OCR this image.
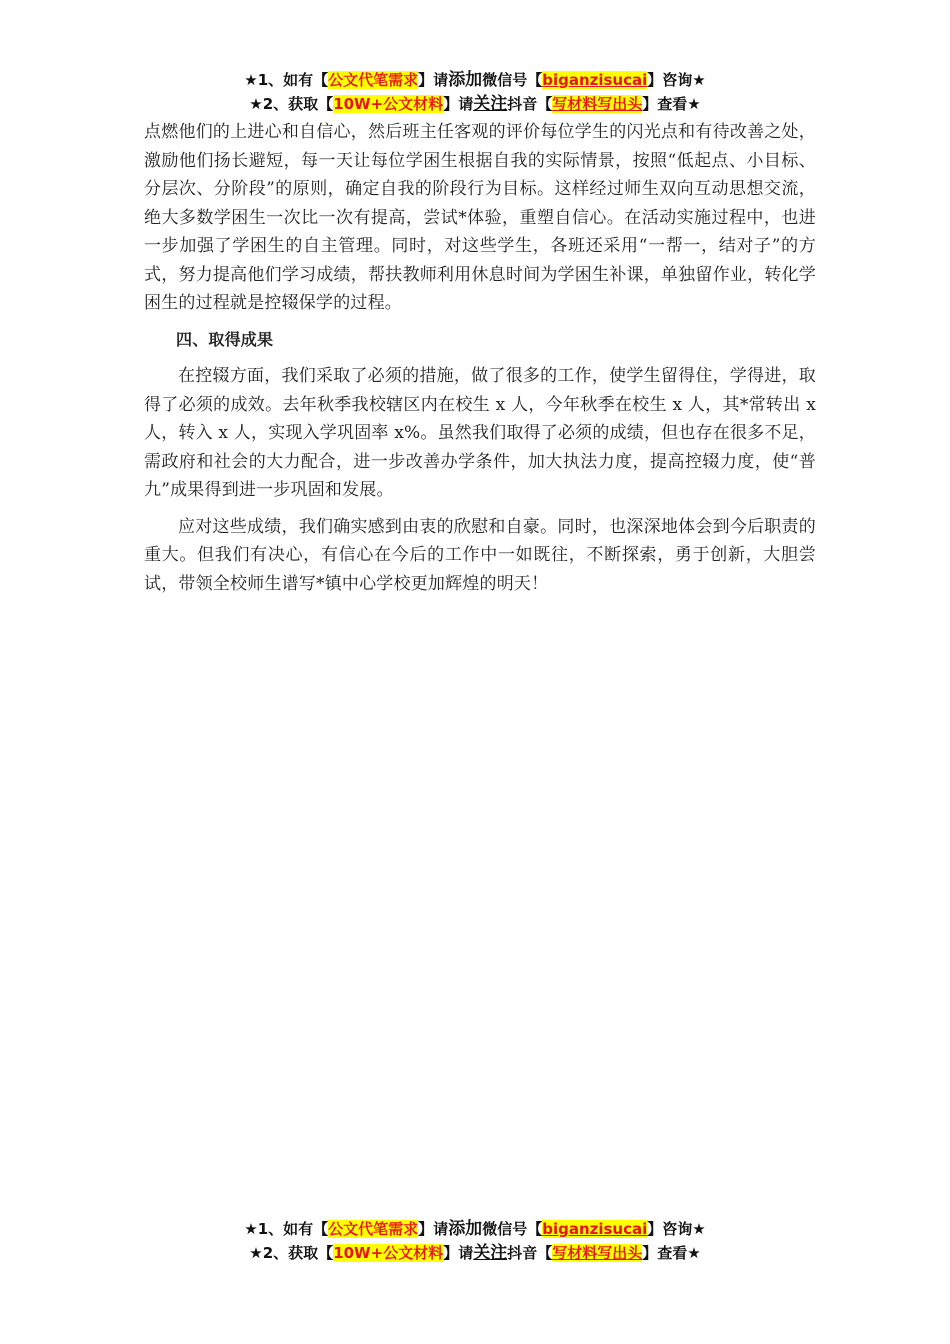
★1、如有【公文代笔需求】请添加微信号【biganzisucai】咨询★
★2、获取【10W+公文材料】请关注抖音【写材料写出头】查看★

点燃他们的上进心和自信心，然后班主任客观的评价每位学生的闪光点和有待改善之处，激励他们扬长避短，每一天让每位学困生根据自我的实际情景，按照“低起点、小目标、分层次、分阶段”的原则，确定自我的阶段行为目标。这样经过师生双向互动思想交流，绝大多数学困生一次比一次有提高，尝试*体验，重塑自信心。在活动实施过程中，也进一步加强了学困生的自主管理。同时，对这些学生，各班还采用“一帮一，结对子”的方式，努力提高他们学习成绩，帮扶教师利用休息时间为学困生补课，单独留作业，转化学困生的过程就是控辍保学的过程。

四、取得成果

在控辍方面，我们采取了必须的措施，做了很多的工作，使学生留得住，学得进，取得了必须的成效。去年秋季我校辖区内在校生 x 人，今年秋季在校生 x 人，其*常转出 x 人，转入 x 人，实现入学巩固率 x%。虽然我们取得了必须的成绩，但也存在很多不足，需政府和社会的大力配合，进一步改善办学条件，加大执法力度，提高控辍力度，使“普九”成果得到进一步巩固和发展。

应对这些成绩，我们确实感到由衷的欣慰和自豪。同时，也深深地体会到今后职责的重大。但我们有决心，有信心在今后的工作中一如既往，不断探索，勇于创新，大胆尝试，带领全校师生谱写*镇中心学校更加辉煌的明天！

★1、如有【公文代笔需求】请添加微信号【biganzisucai】咨询★
★2、获取【10W+公文材料】请关注抖音【写材料写出头】查看★
